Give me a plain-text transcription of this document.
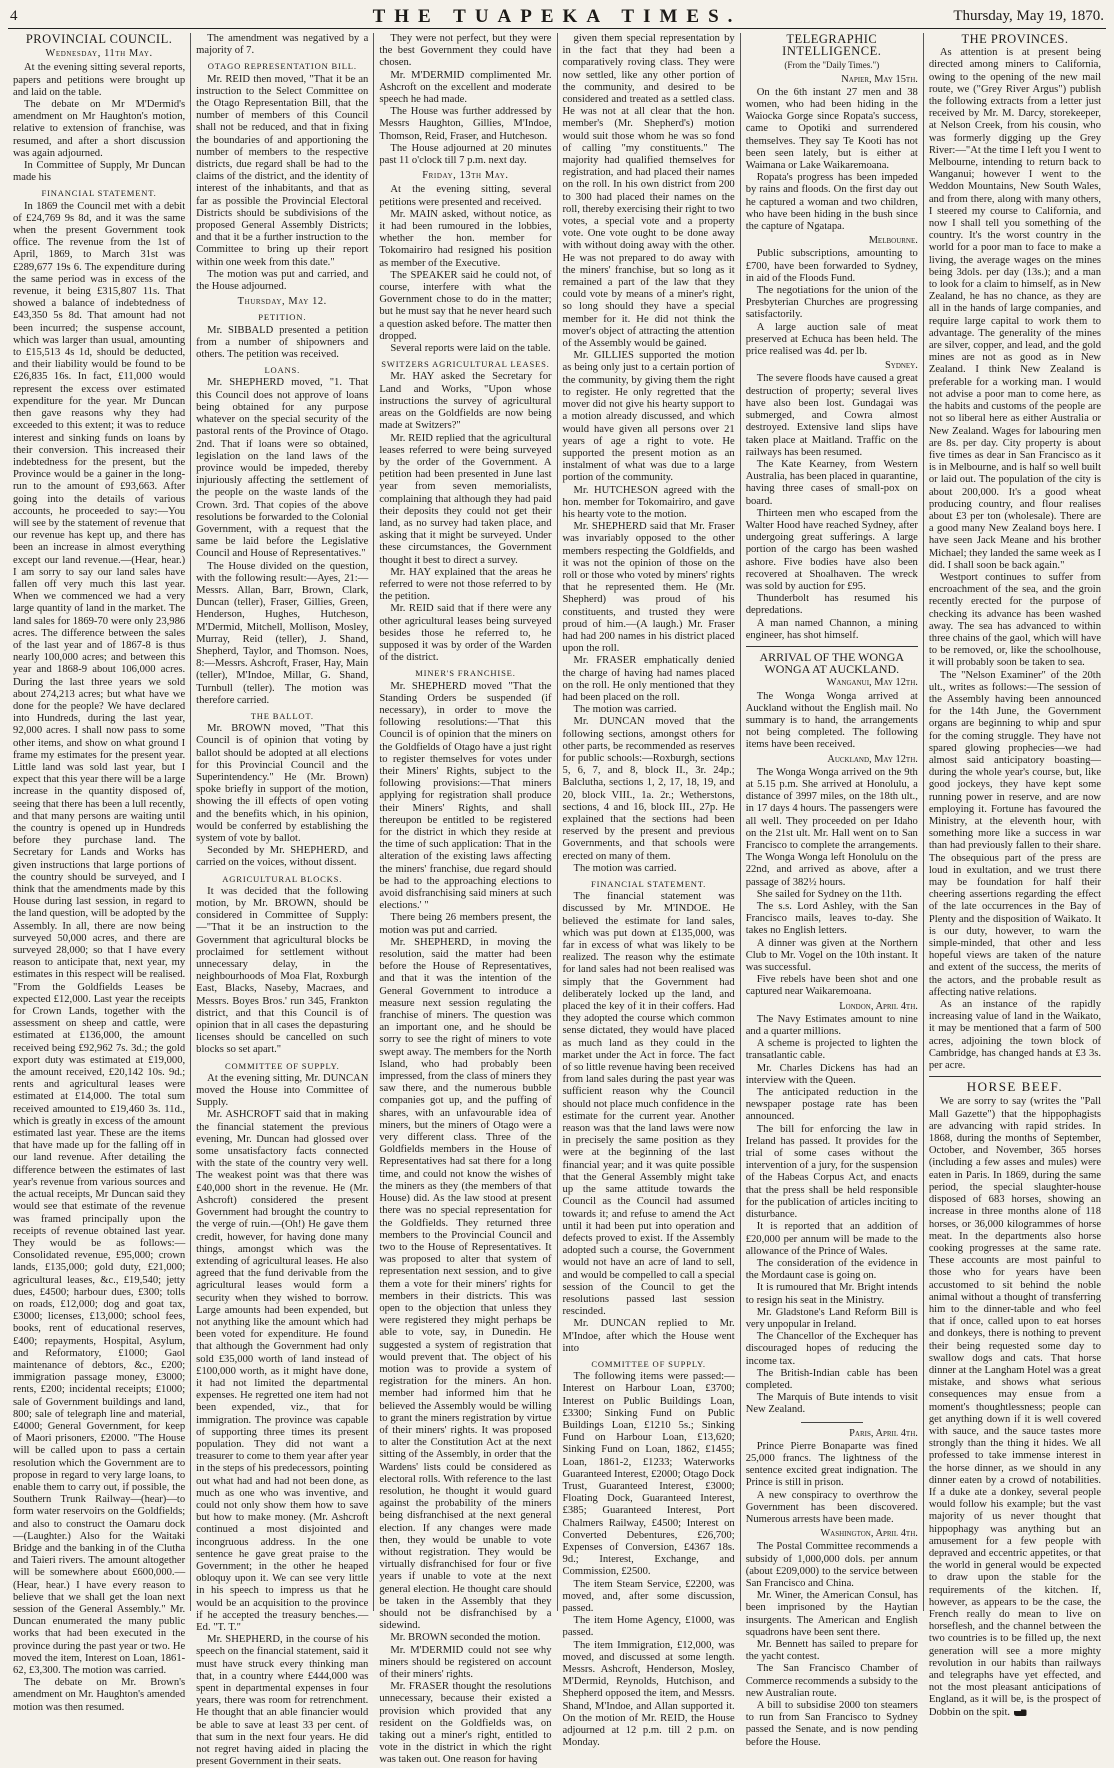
4	THE TUAPEKA TIMES.	Thursday, May 19, 1870.
PROVINCIAL COUNCIL.
Wednesday, 11th May.

At the evening sitting several reports, papers and petitions were brought up and laid on the table.

The debate on Mr M'Dermid's amendment on Mr Haughton's motion, relative to extension of franchise, was resumed, and after a short discussion was again adjourned.

In Committee of Supply, Mr Duncan made his

FINANCIAL STATEMENT.

In 1869 the Council met with a debit of £24,769 9s 8d, and it was the same when the present Government took office. The revenue from the 1st of April, 1869, to March 31st was £289,677 19s 6. The expenditure during the same period was in excess of the revenue, it being £315,807 11s. That showed a balance of indebtedness of £43,350 5s 8d. That amount had not been incurred; the suspense account, which was larger than usual, amounting to £15,513 4s 1d, should be deducted, and their liability would be found to be £26,835 16s. In fact, £11,000 would represent the excess over estimated expenditure for the year. Mr Duncan then gave reasons why they had exceeded to this extent; it was to reduce interest and sinking funds on loans by their conversion. This increased their indebtedness for the present, but the Province would be a gainer in the long-run to the amount of £93,663. After going into the details of various accounts, he proceeded to say:—You will see by the statement of revenue that our revenue has kept up, and there has been an increase in almost everything except our land revenue.—(Hear, hear.) I am sorry to say our land sales have fallen off very much this last year. When we commenced we had a very large quantity of land in the market. The land sales for 1869-70 were only 23,986 acres. The difference between the sales of the last year and of 1867-8 is thus nearly 100,000 acres; and between this year and 1868-9 about 106,000 acres. During the last three years we sold about 274,213 acres; but what have we done for the people? We have declared into Hundreds, during the last year, 92,000 acres. I shall now pass to some other items, and show on what ground I frame my estimates for the present year. Little land was sold last year, but I expect that this year there will be a large increase in the quantity disposed of, seeing that there has been a lull recently, and that many persons are waiting until the country is opened up in Hundreds before they purchase land. The Secretary for Lands and Works has given instructions that large portions of the country should be surveyed, and I think that the amendments made by this House during last session, in regard to the land question, will be adopted by the Assembly. In all, there are now being surveyed 50,000 acres, and there are surveyed 28,000; so that I have every reason to anticipate that, next year, my estimates in this respect will be realised. "From the Goldfields Leases be expected £12,000. Last year the receipts for Crown Lands, together with the assessment on sheep and cattle, were estimated at £136,000, the amount received being £92,962 7s. 3d.; the gold export duty was estimated at £19,000, the amount received, £20,142 10s. 9d.; rents and agricultural leases were estimated at £14,000. The total sum received amounted to £19,460 3s. 11d., which is greatly in excess of the amount estimated last year. These are the items that have made up for the falling off in our land revenue. After detailing the difference between the estimates of last year's revenue from various sources and the actual receipts, Mr Duncan said they would see that estimate of the revenue was framed principally upon the receipts of revenue obtained last year. They would be as follows:—Consolidated revenue, £95,000; crown lands, £135,000; gold duty, £21,000; agricultural leases, &c., £19,540; jetty dues, £4500; harbour dues, £300; tolls on roads, £12,000; dog and goat tax, £3000; licenses, £13,000; school fees, books, rent of educational reserves, £400; repayments, Hospital, Asylum, and Reformatory, £1000; Gaol maintenance of debtors, &c., £200; immigration passage money, £3000; rents, £200; incidental receipts; £1000; sale of Government buildings and land, 800; sale of telegraph line and material, £4000; General Government, for keep of Maori prisoners, £2000. "The House will be called upon to pass a certain resolution which the Government are to propose in regard to very large loans, to enable them to carry out, if possible, the Southern Trunk Railway—(hear)—to form water reservoirs on the Goldfields; and also to construct the Oamaru dock—(Laughter.) Also for the Waitaki Bridge and the banking in of the Clutha and Taieri rivers. The amount altogether will be somewhere about £600,000.—(Hear, hear.) I have every reason to believe that we shall get the loan next session of the General Assembly." Mr. Duncan enumerated the many public works that had been executed in the province during the past year or two. He moved the item, Interest on Loan, 1861-62, £3,300. The motion was carried.

The debate on Mr. Brown's amendment on Mr. Haughton's amended motion was then resumed.

The amendment was negatived by a majority of 7.

OTAGO REPRESENTATION BILL.

Mr. REID then moved, "That it be an instruction to the Select Committee on the Otago Representation Bill, that the number of members of this Council shall not be reduced, and that in fixing the boundaries of and apportioning the number of members to the respective districts, due regard shall be had to the claims of the district, and the identity of interest of the inhabitants, and that as far as possible the Provincial Electoral Districts should be subdivisions of the proposed General Assembly Districts; and that it be a further instruction to the Committee to bring up their report within one week from this date."

The motion was put and carried, and the House adjourned.

Thursday, May 12.
PETITION.

Mr. SIBBALD presented a petition from a number of shipowners and others. The petition was received.

LOANS.

Mr. SHEPHERD moved, "1. That this Council does not approve of loans being obtained for any purpose whatever on the special security of the pastoral rents of the Province of Otago. 2nd. That if loans were so obtained, legislation on the land laws of the province would be impeded, thereby injuriously affecting the settlement of the people on the waste lands of the Crown. 3rd. That copies of the above resolutions be forwarded to the Colonial Government, with a request that the same be laid before the Legislative Council and House of Representatives."

The House divided on the question, with the following result:—Ayes, 21:—Messrs. Allan, Barr, Brown, Clark, Duncan (teller), Fraser, Gillies, Green, Henderson, Hughes, Hutcheson, M'Dermid, Mitchell, Mollison, Mosley, Murray, Reid (teller), J. Shand, Shepherd, Taylor, and Thomson. Noes, 8:—Messrs. Ashcroft, Fraser, Hay, Main (teller), M'Indoe, Millar, G. Shand, Turnbull (teller). The motion was therefore carried.

THE BALLOT.

Mr. BROWN moved, "That this Council is of opinion that voting by ballot should be adopted at all elections for this Provincial Council and the Superintendency." He (Mr. Brown) spoke briefly in support of the motion, showing the ill effects of open voting and the benefits which, in his opinion, would be conferred by establishing the system of vote by ballot.

Seconded by Mr. SHEPHERD, and carried on the voices, without dissent.

AGRICULTURAL BLOCKS.

It was decided that the following motion, by Mr. BROWN, should be considered in Committee of Supply:—"That it be an instruction to the Government that agricultural blocks be proclaimed for settlement without unnecessary delay, in the neighbourhoods of Moa Flat, Roxburgh East, Blacks, Naseby, Macraes, and Messrs. Boyes Bros.' run 345, Frankton district, and that this Council is of opinion that in all cases the depasturing licenses should be cancelled on such blocks so set apart."

COMMITTEE OF SUPPLY.

At the evening sitting, Mr. DUNCAN moved the House into Committee of Supply.

Mr. ASHCROFT said that in making the financial statement the previous evening, Mr. Duncan had glossed over some unsatisfactory facts connected with the state of the country very well. The weakest point was that there was £40,000 short in the revenue. He (Mr. Ashcroft) considered the present Government had brought the country to the verge of ruin.—(Oh!) He gave them credit, however, for having done many things, amongst which was the extending of agricultural leases. He also agreed that the fund derivable from the agricultural leases would form a security when they wished to borrow. Large amounts had been expended, but not anything like the amount which had been voted for expenditure. He found that although the Government had only sold £35,000 worth of land instead of £100,000 worth, as it might have done, it had not limited the departmental expenses. He regretted one item had not been expended, viz., that for immigration. The province was capable of supporting three times its present population. They did not want a treasurer to come to them year after year in the steps of his predecessors, pointing out what had and had not been done, as much as one who was inventive, and could not only show them how to save but how to make money. (Mr. Ashcroft continued a most disjointed and incongruous address. In the one sentence he gave great praise to the Government; in the other he heaped obloquy upon it. We can see very little in his speech to impress us that he would be an acquisition to the province if he accepted the treasury benches.—Ed. "T. T."

Mr. SHEPHERD, in the course of his speech on the financial statement, said it must have struck every thinking man that, in a country where £444,000 was spent in departmental expenses in four years, there was room for retrenchment. He thought that an able financier would be able to save at least 33 per cent. of that sum in the next four years. He did not regret having aided in placing the present Government in their seats.

They were not perfect, but they were the best Government they could have chosen.

Mr. M'DERMID complimented Mr. Ashcroft on the excellent and moderate speech he had made.

The House was further addressed by Messrs Haughton, Gillies, M'Indoe, Thomson, Reid, Fraser, and Hutcheson.

The House adjourned at 20 minutes past 11 o'clock till 7 p.m. next day.

Friday, 13th May.

At the evening sitting, several petitions were presented and received.

Mr. MAIN asked, without notice, as it had been rumoured in the lobbies, whether the hon. member for Tokomairiro had resigned his position as member of the Executive.

The SPEAKER said he could not, of course, interfere with what the Government chose to do in the matter; but he must say that he never heard such a question asked before. The matter then dropped.

Several reports were laid on the table.

SWITZERS AGRICULTURAL LEASES.

Mr. HAY asked the Secretary for Land and Works, "Upon whose instructions the survey of agricultural areas on the Goldfields are now being made at Switzers?"

Mr. REID replied that the agricultural leases referred to were being surveyed by the order of the Government. A petition had been presented in June last year from seven memorialists, complaining that although they had paid their deposits they could not get their land, as no survey had taken place, and asking that it might be surveyed. Under these circumstances, the Government thought it best to direct a survey.

Mr. HAY explained that the areas he referred to were not those referred to by the petition.

Mr. REID said that if there were any other agricultural leases being surveyed besides those he referred to, he supposed it was by order of the Warden of the district.

MINER'S FRANCHISE.

Mr. SHEPHERD moved "That the Standing Orders be suspended (if necessary), in order to move the following resolutions:—'That this Council is of opinion that the miners on the Goldfields of Otago have a just right to register themselves for votes under their Miners' Rights, subject to the following provisions:—That miners applying for registration shall produce their Miners' Rights, and shall thereupon be entitled to be registered for the district in which they reside at the time of such application: That in the alteration of the existing laws affecting the miners' franchise, due regard should be had to the approaching elections to avoid disfranchising said miners at such elections.' "

There being 26 members present, the motion was put and carried.

Mr. SHEPHERD, in moving the resolution, said the matter had been before the House of Representatives, and that it was the intention of the General Government to introduce a measure next session regulating the franchise of miners. The question was an important one, and he should be sorry to see the right of miners to vote swept away. The members for the North Island, who had probably been impressed, from the class of miners they saw there, and the numerous bubble companies got up, and the puffing of shares, with an unfavourable idea of miners, but the miners of Otago were a very different class. Three of the Goldfields members in the House of Representatives had sat there for a long time, and could not know the wishes of the miners as they (the members of that House) did. As the law stood at present there was no special representation for the Goldfields. They returned three members to the Provincial Council and two to the House of Representatives. It was proposed to alter that system of representation next session, and to give them a vote for their miners' rights for members in their districts. This was open to the objection that unless they were registered they might perhaps be able to vote, say, in Dunedin. He suggested a system of registration that would prevent that. The object of his motion was to provide a system of registration for the miners. An hon. member had informed him that he believed the Assembly would be willing to grant the miners registration by virtue of their miners' rights. It was proposed to alter the Constitution Act at the next sitting of the Assembly, in order that the Wardens' lists could be considered as electoral rolls. With reference to the last resolution, he thought it would guard against the probability of the miners being disfranchised at the next general election. If any changes were made then, they would be unable to vote without registration. They would be virtually disfranchised for four or five years if unable to vote at the next general election. He thought care should be taken in the Assembly that they should not be disfranchised by a sidewind.

Mr. BROWN seconded the motion.

Mr. M'DERMID could not see why miners should be registered on account of their miners' rights.

Mr. FRASER thought the resolutions unnecessary, because their existed a provision which provided that any resident on the Goldfields was, on taking out a miner's right, entitled to vote in the district in which the right was taken out. One reason for having

given them special representation by in the fact that they had been a comparatively roving class. They were now settled, like any other portion of the community, and desired to be considered and treated as a settled class. He was not at all clear that the hon. member's (Mr. Shepherd's) motion would suit those whom he was so fond of calling "my constituents." The majority had qualified themselves for registration, and had placed their names on the roll. In his own district from 200 to 300 had placed their names on the roll, thereby exercising their right to two votes, a special vote and a property vote. One vote ought to be done away with without doing away with the other. He was not prepared to do away with the miners' franchise, but so long as it remained a part of the law that they could vote by means of a miner's right, so long should they have a special member for it. He did not think the mover's object of attracting the attention of the Assembly would be gained.

Mr. GILLIES supported the motion as being only just to a certain portion of the community, by giving them the right to register. He only regretted that the mover did not give his hearty support to a motion already discussed, and which would have given all persons over 21 years of age a right to vote. He supported the present motion as an instalment of what was due to a large portion of the community.

Mr. HUTCHESON agreed with the hon. member for Tokomairiro, and gave his hearty vote to the motion.

Mr. SHEPHERD said that Mr. Fraser was invariably opposed to the other members respecting the Goldfields, and it was not the opinion of those on the roll or those who voted by miners' rights that he represented them. He (Mr. Shepherd) was proud of his constituents, and trusted they were proud of him.—(A laugh.) Mr. Fraser had had 200 names in his district placed upon the roll.

Mr. FRASER emphatically denied the charge of having had names placed on the roll. He only mentioned that they had been placed on the roll.

The motion was carried.

Mr. DUNCAN moved that the following sections, amongst others for other parts, be recommended as reserves for public schools:—Roxburgh, sections 5, 6, 7, and 8, block II., 3r. 24p.; Balclutha, sections 1, 2, 17, 18, 19, and 20, block VIII., 1a. 2r.; Wetherstons, sections, 4 and 16, block III., 27p. He explained that the sections had been reserved by the present and previous Governments, and that schools were erected on many of them.

The motion was carried.

FINANCIAL STATEMENT.

The financial statement was discussed by Mr. M'INDOE. He believed the estimate for land sales, which was put down at £135,000, was far in excess of what was likely to be realized. The reason why the estimate for land sales had not been realised was simply that the Government had deliberately locked up the land, and placed the key of it in their coffers. Had they adopted the course which common sense dictated, they would have placed as much land as they could in the market under the Act in force. The fact of so little revenue having been received from land sales during the past year was sufficient reason why the Council should not place much confidence in the estimate for the current year. Another reason was that the land laws were now in precisely the same position as they were at the beginning of the last financial year; and it was quite possible that the General Assembly might take up the same attitude towards the Council as the Council had assumed towards it; and refuse to amend the Act until it had been put into operation and defects proved to exist. If the Assembly adopted such a course, the Government would not have an acre of land to sell, and would be compelled to call a special session of the Council to get the resolutions passed last session rescinded.

Mr. DUNCAN replied to Mr. M'Indoe, after which the House went into

COMMITTEE OF SUPPLY.

The following items were passed:—Interest on Harbour Loan, £3700; Interest on Public Buildings Loan, £3300; Sinking Fund on Public Buildings Loan, £1210 5s.; Sinking Fund on Harbour Loan, £13,620; Sinking Fund on Loan, 1862, £1455; Loan, 1861-2, £1233; Waterworks Guaranteed Interest, £2000; Otago Dock Trust, Guaranteed Interest, £3000; Floating Dock, Guaranteed Interest, £385; Guaranteed Interest, Port Chalmers Railway, £4500; Interest on Converted Debentures, £26,700; Expenses of Conversion, £4367 18s. 9d.; Interest, Exchange, and Commission, £2500.

The item Steam Service, £2200, was moved, and, after some discussion, passed.

The item Home Agency, £1000, was passed.

The item Immigration, £12,000, was moved, and discussed at some length. Messrs. Ashcroft, Henderson, Mosley, M'Dermid, Reynolds, Hutchison, and Shepherd opposed the item, and Messrs. Shand, M'Indoe, and Allan supported it. On the motion of Mr. REID, the House adjourned at 12 p.m. till 2 p.m. on Monday.

TELEGRAPHIC INTELLIGENCE.
(From the "Daily Times.")
Napier, May 15th.

On the 6th instant 27 men and 38 women, who had been hiding in the Waiocka Gorge since Ropata's success, came to Opotiki and surrendered themselves. They say Te Kooti has not been seen lately, but is either at Waimana or Lake Waikaremoana.

Ropata's progress has been impeded by rains and floods. On the first day out he captured a woman and two children, who have been hiding in the bush since the capture of Ngatapa.

Melbourne.

Public subscriptions, amounting to £700, have been forwarded to Sydney, in aid of the Floods Fund.

The negotiations for the union of the Presbyterian Churches are progressing satisfactorily.

A large auction sale of meat preserved at Echuca has been held. The price realised was 4d. per lb.

Sydney.

The severe floods have caused a great destruction of property; several lives have also been lost. Gundagai was submerged, and Cowra almost destroyed. Extensive land slips have taken place at Maitland. Traffic on the railways has been resumed.

The Kate Kearney, from Western Australia, has been placed in quarantine, having three cases of small-pox on board.

Thirteen men who escaped from the Walter Hood have reached Sydney, after undergoing great sufferings. A large portion of the cargo has been washed ashore. Five bodies have also been recovered at Shoalhaven. The wreck was sold by auction for £95.

Thunderbolt has resumed his depredations.

A man named Channon, a mining engineer, has shot himself.

ARRIVAL OF THE WONGA WONGA AT AUCKLAND.
Wanganui, May 12th.

The Wonga Wonga arrived at Auckland without the English mail. No summary is to hand, the arrangements not being completed. The following items have been received.

Auckland, May 12th.

The Wonga Wonga arrived on the 9th at 5.15 p.m. She arrived at Honolulu, a distance of 3997 miles, on the 18th ult., in 17 days 4 hours. The passengers were all well. They proceeded on per Idaho on the 21st ult. Mr. Hall went on to San Francisco to complete the arrangements. The Wonga Wonga left Honolulu on the 22nd, and arrived as above, after a passage of 382½ hours.

She sailed for Sydney on the 11th.

The s.s. Lord Ashley, with the San Francisco mails, leaves to-day. She takes no English letters.

A dinner was given at the Northern Club to Mr. Vogel on the 10th instant. It was successful.

Five rebels have been shot and one captured near Waikaremoana.

London, April 4th.

The Navy Estimates amount to nine and a quarter millions.

A scheme is projected to lighten the transatlantic cable.

Mr. Charles Dickens has had an interview with the Queen.

The anticipated reduction in the newspaper postage rate has been announced.

The bill for enforcing the law in Ireland has passed. It provides for the trial of some cases without the intervention of a jury, for the suspension of the Habeas Corpus Act, and enacts that the press shall be held responsible for the publication of articles inciting to disturbance.

It is reported that an addition of £20,000 per annum will be made to the allowance of the Prince of Wales.

The consideration of the evidence in the Mordaunt case is going on.

It is rumoured that Mr. Bright intends to resign his seat in the Ministry.

Mr. Gladstone's Land Reform Bill is very unpopular in Ireland.

The Chancellor of the Exchequer has discouraged hopes of reducing the income tax.

The British-Indian cable has been completed.

The Marquis of Bute intends to visit New Zealand.

Paris, April 4th.

Prince Pierre Bonaparte was fined 25,000 francs. The lightness of the sentence excited great indignation. The Prince is still in prison.

A new conspiracy to overthrow the Government has been discovered. Numerous arrests have been made.

Washington, April 4th.

The Postal Committee recommends a subsidy of 1,000,000 dols. per annum (about £209,000) to the service between San Francisco and China.

Mr. Winer, the American Consul, has been imprisoned by the Haytian insurgents. The American and English squadrons have been sent there.

Mr. Bennett has sailed to prepare for the yacht contest.

The San Francisco Chamber of Commerce recommends a subsidy to the new Australian route.

A bill to subsidise 2000 ton steamers to run from San Francisco to Sydney passed the Senate, and is now pending before the House.

THE PROVINCES.

As attention is at present being directed among miners to California, owing to the opening of the new mail route, we ("Grey River Argus") publish the following extracts from a letter just received by Mr. M. Darcy, storekeeper, at Nelson Creek, from his cousin, who was formerly digging up the Grey River:—"At the time I left you I went to Melbourne, intending to return back to Wanganui; however I went to the Weddon Mountains, New South Wales, and from there, along with many others, I steered my course to California, and now I shall tell you something of the country. It's the worst country in the world for a poor man to face to make a living, the average wages on the mines being 3dols. per day (13s.); and a man to look for a claim to himself, as in New Zealand, he has no chance, as they are all in the hands of large companies, and require large capital to work them to advantage. The generality of the mines are silver, copper, and lead, and the gold mines are not as good as in New Zealand. I think New Zealand is preferable for a working man. I would not advise a poor man to come here, as the habits and customs of the people are not so liberal here as either Australia or New Zealand. Wages for labouring men are 8s. per day. City property is about five times as dear in San Francisco as it is in Melbourne, and is half so well built or laid out. The population of the city is about 200,000. It's a good wheat producing country, and flour realises about £3 per ton (wholesale). There are a good many New Zealand boys here. I have seen Jack Meane and his brother Michael; they landed the same week as I did. I shall soon be back again."

Westport continues to suffer from encroachment of the sea, and the groin recently erected for the purpose of checking its advance has been washed away. The sea has advanced to within three chains of the gaol, which will have to be removed, or, like the schoolhouse, it will probably soon be taken to sea.

The "Nelson Examiner" of the 20th ult., writes as follows:—The session of the Assembly having been announced for the 14th June, the Government organs are beginning to whip and spur for the coming struggle. They have not spared glowing prophecies—we had almost said anticipatory boasting—during the whole year's course, but, like good jockeys, they have kept some running power in reserve, and are now employing it. Fortune has favoured the Ministry, at the eleventh hour, with something more like a success in war than had previously fallen to their share. The obsequious part of the press are loud in exultation, and we trust there may be foundation for half their cheering assertions regarding the effect of the late occurrences in the Bay of Plenty and the disposition of Waikato. It is our duty, however, to warn the simple-minded, that other and less hopeful views are taken of the nature and extent of the success, the merits of the actors, and the probable result as affecting native relations.

As an instance of the rapidly increasing value of land in the Waikato, it may be mentioned that a farm of 500 acres, adjoining the town block of Cambridge, has changed hands at £3 3s. per acre.

HORSE BEEF.

We are sorry to say (writes the "Pall Mall Gazette") that the hippophagists are advancing with rapid strides. In 1868, during the months of September, October, and November, 365 horses (including a few asses and mules) were eaten in Paris. In 1869, during the same period, the special slaughter-house disposed of 683 horses, showing an increase in three months alone of 118 horses, or 36,000 kilogrammes of horse meat. In the departments also horse cooking progresses at the same rate. These accounts are most painful to those who for years have been accustomed to sit behind the noble animal without a thought of transferring him to the dinner-table and who feel that if once, called upon to eat horses and donkeys, there is nothing to prevent their being requested some day to swallow dogs and cats. That horse dinner at the Langham Hotel was a great mistake, and shows what serious consequences may ensue from a moment's thoughtlessness; people can get anything down if it is well covered with sauce, and the sauce tastes more strongly than the thing it hides. We all professed to take immense interest in the horse dinner, as we should in any dinner eaten by a crowd of notabilities. If a duke ate a donkey, several people would follow his example; but the vast majority of us never thought that hippophagy was anything but an amusement for a few people with depraved and eccentric appetites, or that the world in general would be expected to draw upon the stable for the requirements of the kitchen. If, however, as appears to be the case, the French really do mean to live on horseflesh, and the channel between the two countries is to be filled up, the next generation will see a more mighty revolution in our habits than railways and telegraphs have yet effected, and not the most pleasant anticipations of England, as it will be, is the prospect of Dobbin on the spit.
